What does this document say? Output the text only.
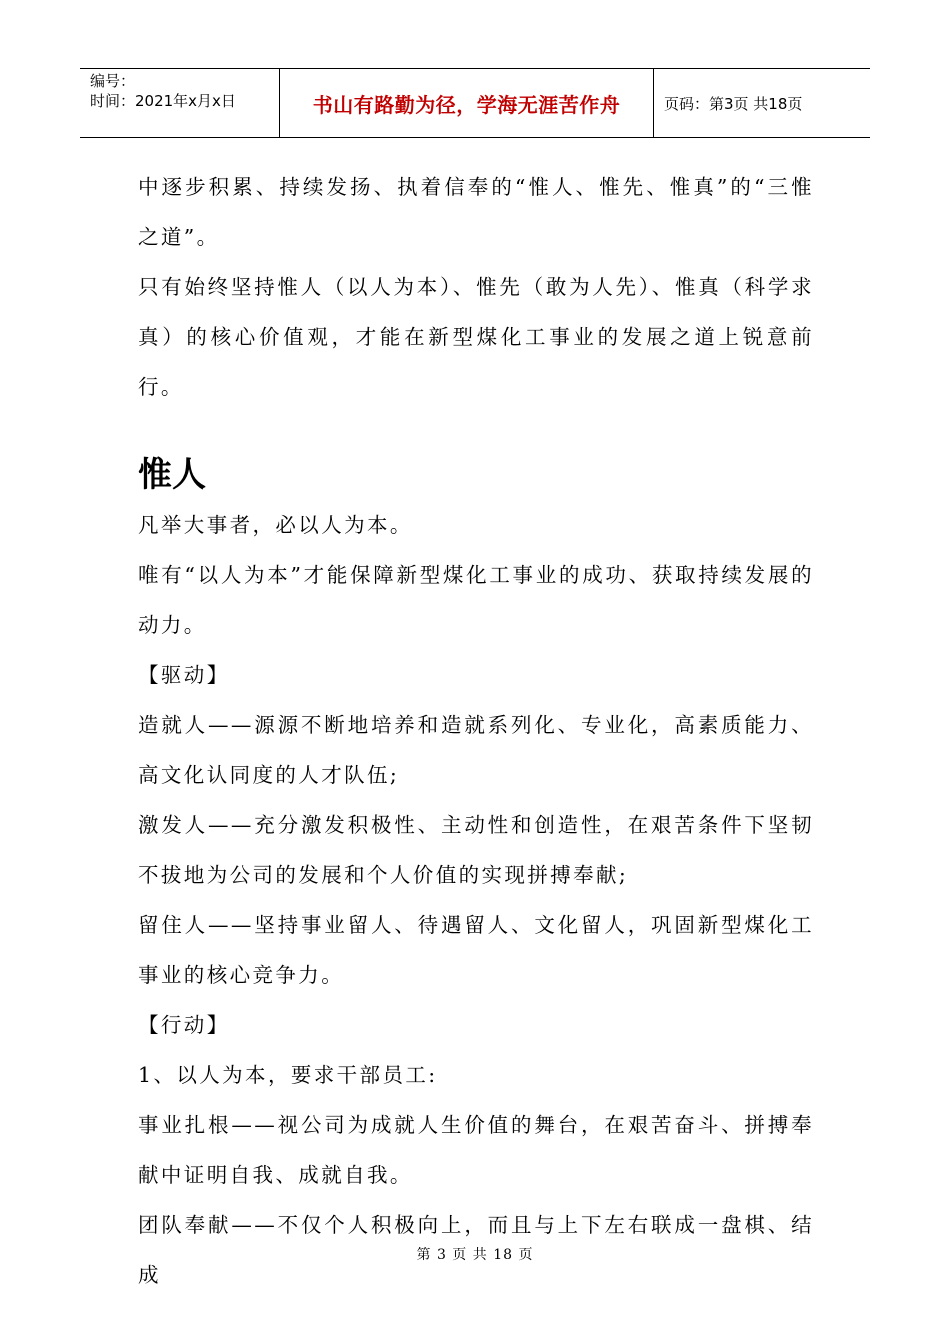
编号：
时间：2021年x月x日	书山有路勤为径，学海无涯苦作舟	页码：第3页 共18页

中逐步积累、持续发扬、执着信奉的“惟人、惟先、惟真”的“三惟之道”。

只有始终坚持惟人（以人为本）、惟先（敢为人先）、惟真（科学求真）的核心价值观，才能在新型煤化工事业的发展之道上锐意前行。

惟人

凡举大事者，必以人为本。

唯有“以人为本”才能保障新型煤化工事业的成功、获取持续发展的动力。

【驱动】

造就人——源源不断地培养和造就系列化、专业化，高素质能力、高文化认同度的人才队伍;

激发人——充分激发积极性、主动性和创造性，在艰苦条件下坚韧不拔地为公司的发展和个人价值的实现拼搏奉献;

留住人——坚持事业留人、待遇留人、文化留人，巩固新型煤化工事业的核心竞争力。

【行动】

1、以人为本，要求干部员工:

事业扎根——视公司为成就人生价值的舞台，在艰苦奋斗、拼搏奉献中证明自我、成就自我。

团队奉献——不仅个人积极向上，而且与上下左右联成一盘棋、结成

第 3 页 共 18 页
